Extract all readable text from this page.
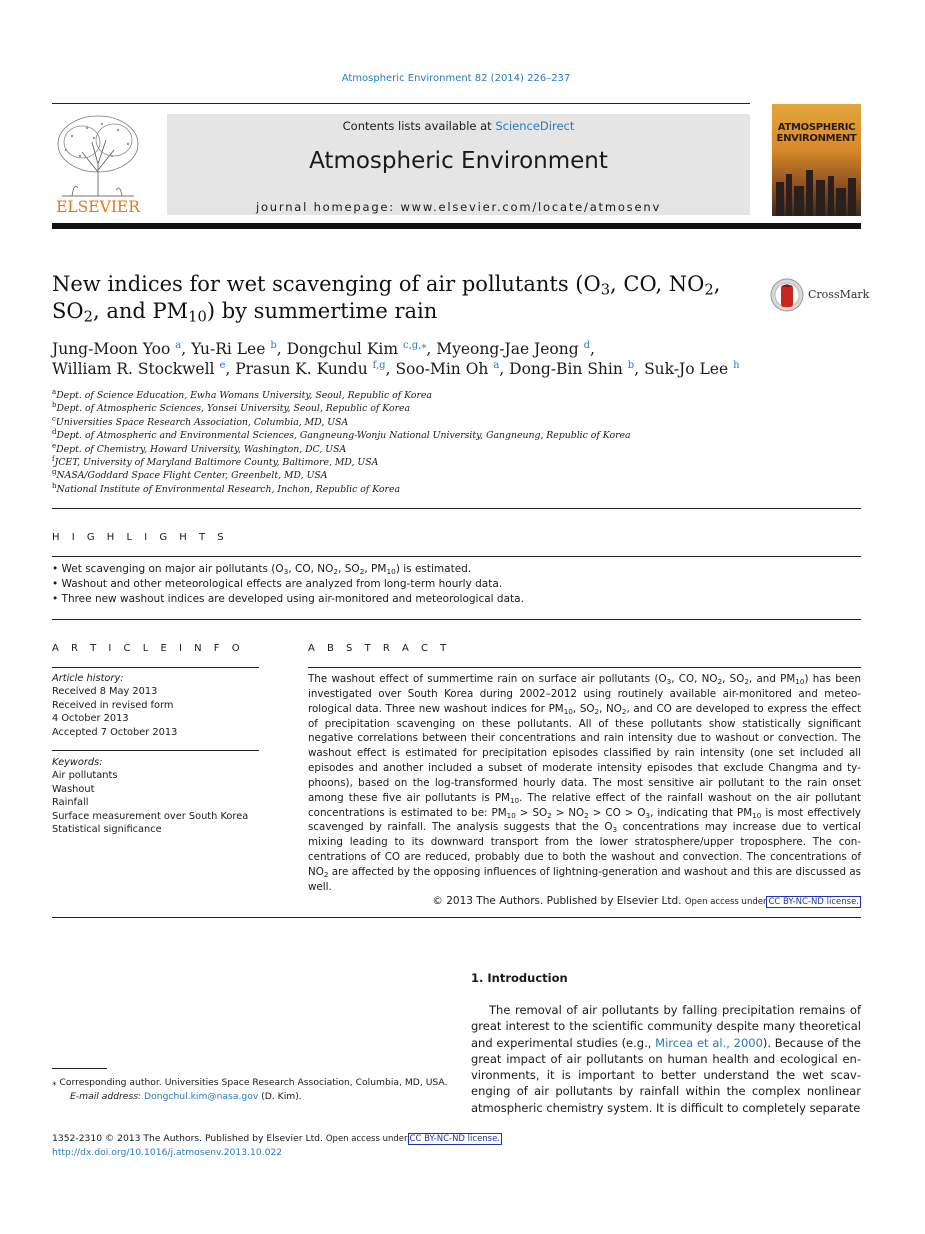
Atmospheric Environment 82 (2014) 226–237
ELSEVIER
Contents lists available at ScienceDirect
Atmospheric Environment
journal homepage: www.elsevier.com/locate/atmosenv
ATMOSPHERIC
ENVIRONMENT
New indices for wet scavenging of air pollutants ($O_3$, CO, $NO_2$, $SO_2$, and $PM_{10}$) by summertime rain
CrossMark
Jung-Moon Yoo $^a$, Yu-Ri Lee $^b$, Dongchul Kim $^{c,g,⁎}$, Myeong-Jae Jeong $^d$,
William R. Stockwell $^e$, Prasun K. Kundu $^{f,g}$, Soo-Min Oh $^a$, Dong-Bin Shin $^b$, Suk-Jo Lee $^h$
$^a$Dept. of Science Education, Ewha Womans University, Seoul, Republic of Korea
$^b$Dept. of Atmospheric Sciences, Yonsei University, Seoul, Republic of Korea
$^c$Universities Space Research Association, Columbia, MD, USA
$^d$Dept. of Atmospheric and Environmental Sciences, Gangneung-Wonju National University, Gangneung, Republic of Korea
$^e$Dept. of Chemistry, Howard University, Washington, DC, USA
$^f$JCET, University of Maryland Baltimore County, Baltimore, MD, USA
$^g$NASA/Goddard Space Flight Center, Greenbelt, MD, USA
$^h$National Institute of Environmental Research, Inchon, Republic of Korea
H I G H L I G H T S
• Wet scavenging on major air pollutants ($O_3$, CO, $NO_2$, $SO_2$, $PM_{10}$) is estimated.
• Washout and other meteorological effects are analyzed from long-term hourly data.
• Three new washout indices are developed using air-monitored and meteorological data.
A R T I C L E I N F O	A B S T R A C T
Article history:
Received 8 May 2013
Received in revised form
4 October 2013
Accepted 7 October 2013
Keywords:
Air pollutants
Washout
Rainfall
Surface measurement over South Korea
Statistical significance
The washout effect of summertime rain on surface air pollutants ($O_3$, CO, $NO_2$, $SO_2$, and $PM_{10}$) has been investigated over South Korea during 2002–2012 using routinely available air-monitored and meteorological data. Three new washout indices for $PM_{10}$, $SO_2$, $NO_2$, and CO are developed to express the effect of precipitation scavenging on these pollutants. All of these pollutants show statistically significant negative correlations between their concentrations and rain intensity due to washout or convection. The washout effect is estimated for precipitation episodes classified by rain intensity (one set included all episodes and another included a subset of moderate intensity episodes that exclude Changma and typhoons), based on the log-transformed hourly data. The most sensitive air pollutant to the rain onset among these five air pollutants is $PM_{10}$. The relative effect of the rainfall washout on the air pollutant concentrations is estimated to be: $PM_{10} > SO_2 > NO_2$ > CO > $O_3$, indicating that $PM_{10}$ is most effectively scavenged by rainfall. The analysis suggests that the $O_3$ concentrations may increase due to vertical mixing leading to its downward transport from the lower stratosphere/upper troposphere. The concentrations of CO are reduced, probably due to both the washout and convection. The concentrations of $NO_2$ are affected by the opposing influences of lightning-generation and washout and this are discussed as well.
© 2013 The Authors. Published by Elsevier Ltd. Open access under CC BY-NC-ND license.
1. Introduction
The removal of air pollutants by falling precipitation remains of great interest to the scientific community despite many theoretical and experimental studies (e.g., Mircea et al., 2000). Because of the great impact of air pollutants on human health and ecological environments, it is important to better understand the wet scavenging of air pollutants by rainfall within the complex nonlinear atmospheric chemistry system. It is difficult to completely separate
⁎ Corresponding author. Universities Space Research Association, Columbia, MD, USA.
E-mail address: Dongchul.kim@nasa.gov (D. Kim).
1352-2310 © 2013 The Authors. Published by Elsevier Ltd. Open access under CC BY-NC-ND license.
http://dx.doi.org/10.1016/j.atmosenv.2013.10.022
